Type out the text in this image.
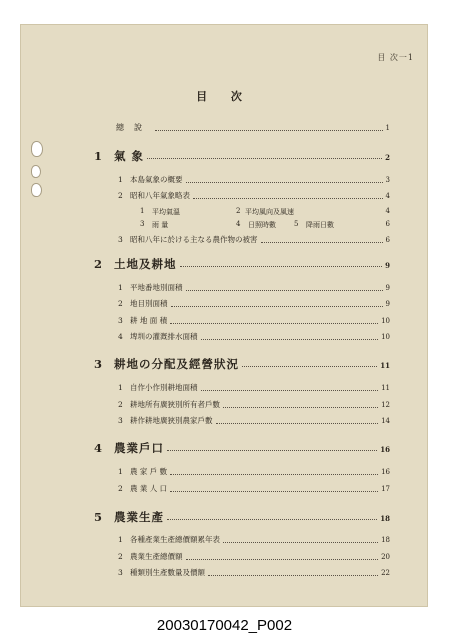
目 次一1
目 次
總說	1
1 氣 象	2
1 本島氣象の概要	3
2 昭和八年氣象略表	4
1	平均氣溫	2 平均風向及風速	4
3	雨 量	4	日照時數	5	降雨日數	6
3 昭和八年に於ける主なる農作物の被害	6
2 土地及耕地	9
1 平地番地別面積	9
2 地目別面積	9
3 耕 地 面 積	10
4 埤圳の灌漑排水面積	10
3 耕地の分配及經營狀況	11
1 自作小作別耕地面積	11
2 耕地所有廣狹別所有者戶數	12
3 耕作耕地廣狹別農家戶數	14
4 農業戶口	16
1 農 家 戶 數	16
2 農 業 人 口	17
5 農業生產	18
1 各種產業生產總價額累年表	18
2 農業生產總價額	20
3 種類別生產數量及價額	22
20030170042_P002
